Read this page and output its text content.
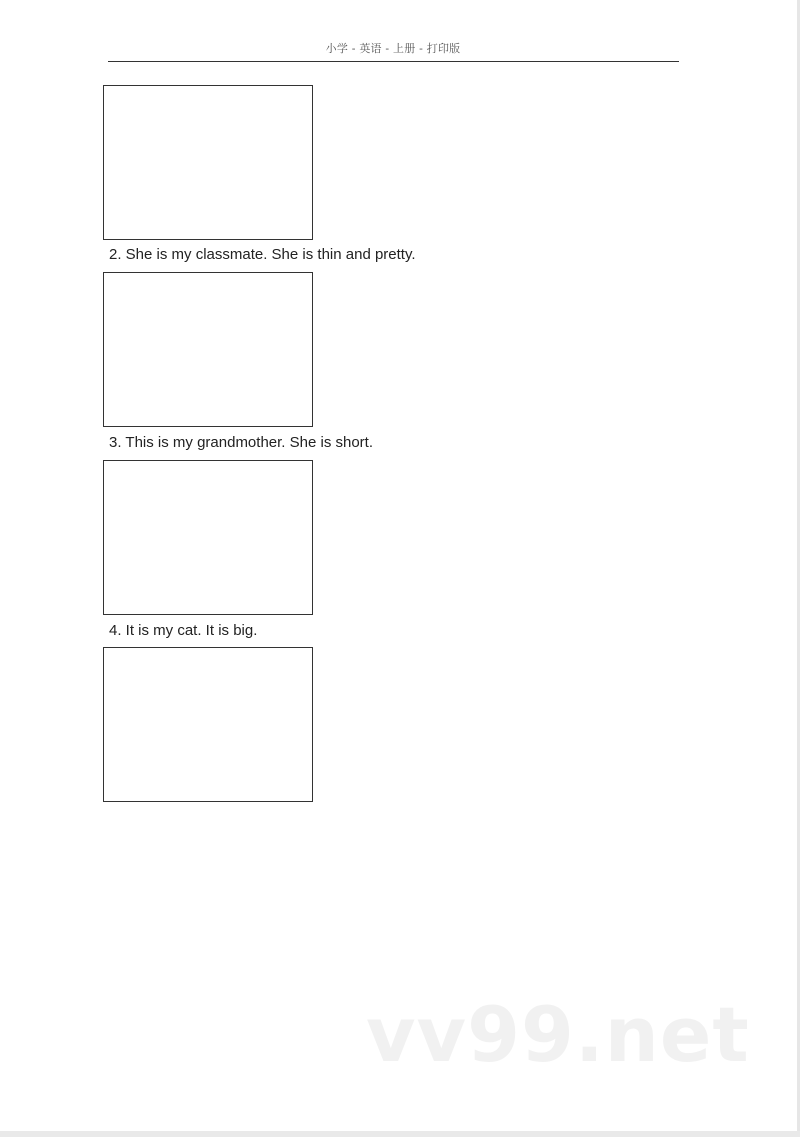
小学 - 英语 - 上册 - 打印版
2. She is my classmate. She is thin and pretty.
3. This is my grandmother. She is short.
4. It is my cat. It is big.
vv99.net
